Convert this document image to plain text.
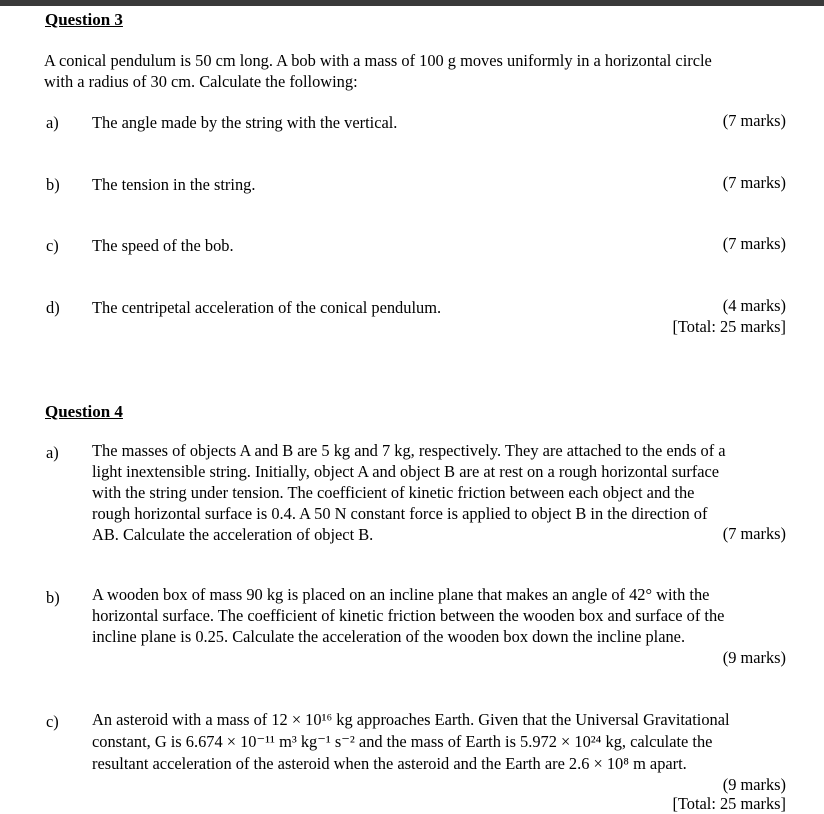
Question 3
A conical pendulum is 50 cm long. A bob with a mass of 100 g moves uniformly in a horizontal circle
with a radius of 30 cm. Calculate the following:
a) The angle made by the string with the vertical.	(7 marks)
b) The tension in the string.	(7 marks)
c) The speed of the bob.	(7 marks)
d) The centripetal acceleration of the conical pendulum.	(4 marks)
[Total: 25 marks]
Question 4
a) The masses of objects A and B are 5 kg and 7 kg, respectively. They are attached to the ends of a
light inextensible string. Initially, object A and object B are at rest on a rough horizontal surface
with the string under tension. The coefficient of kinetic friction between each object and the
rough horizontal surface is 0.4. A 50 N constant force is applied to object B in the direction of
AB. Calculate the acceleration of object B.	(7 marks)
b) A wooden box of mass 90 kg is placed on an incline plane that makes an angle of 42° with the
horizontal surface. The coefficient of kinetic friction between the wooden box and surface of the
incline plane is 0.25. Calculate the acceleration of the wooden box down the incline plane.
(9 marks)
c) An asteroid with a mass of 12 × 10¹⁶ kg approaches Earth. Given that the Universal Gravitational
constant, G is 6.674 × 10⁻¹¹ m³ kg⁻¹ s⁻² and the mass of Earth is 5.972 × 10²⁴ kg, calculate the
resultant acceleration of the asteroid when the asteroid and the Earth are 2.6 × 10⁸ m apart.
(9 marks)
[Total: 25 marks]
